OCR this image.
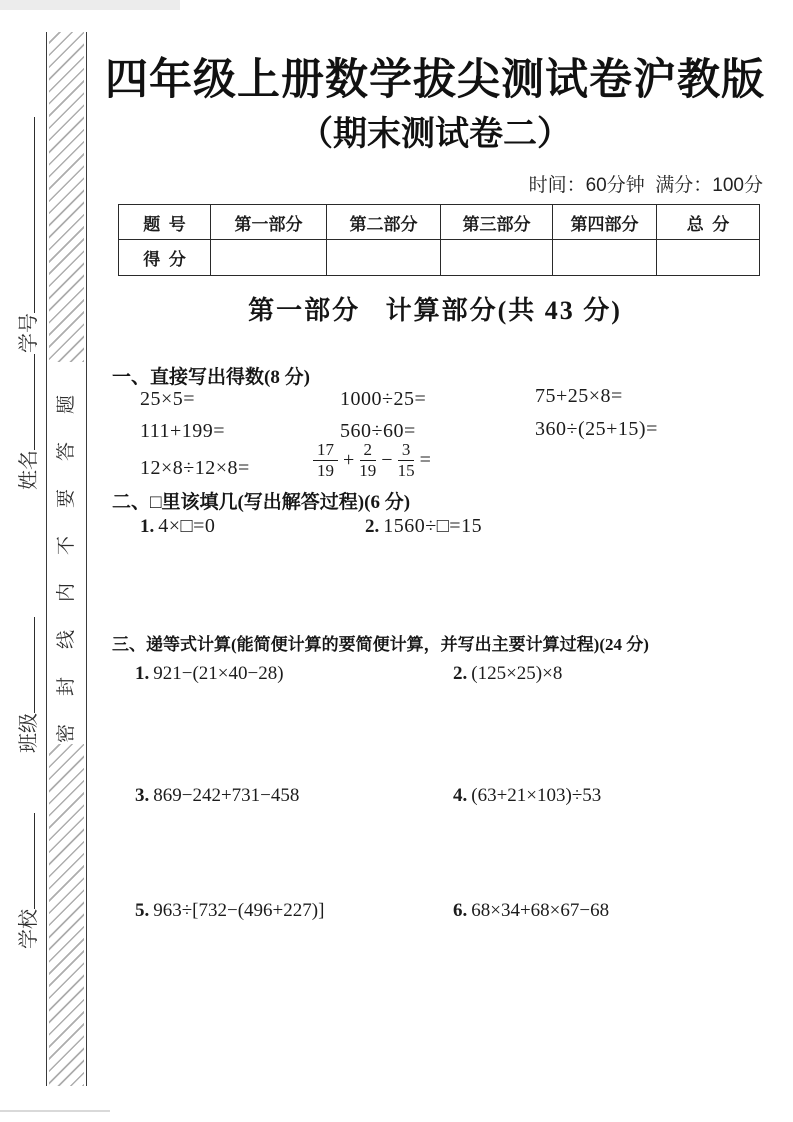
密封线内不要答题
学号
姓名
班级
学校
四年级上册数学拔尖测试卷沪教版
（期末测试卷二）
时间：60分钟  满分：100分
题  号	第一部分	第二部分	第三部分	第四部分	总  分
得  分
第一部分   计算部分(共 43 分)
一、直接写出得数(8 分)
25×5=	1000÷25=	75+25×8=
111+199=	560÷60=	360÷(25+15)=
12×8÷12×8=	$\frac{17}{19} + \frac{2}{19} - \frac{3}{15}$ =
二、□里该填几(写出解答过程)(6 分)
1. 4×□=0	2. 1560÷□=15
三、递等式计算(能简便计算的要简便计算，并写出主要计算过程)(24 分)
1. 921−(21×40−28)	2. (125×25)×8
3. 869−242+731−458	4. (63+21×103)÷53
5. 963÷[732−(496+227)]	6. 68×34+68×67−68
